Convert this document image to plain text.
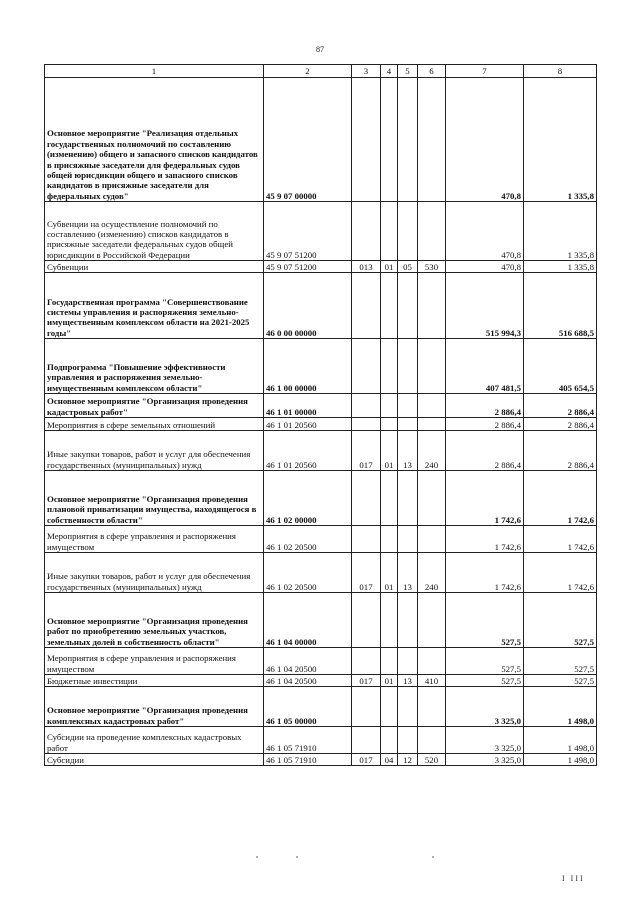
87
1	2	3	4	5	6	7	8
Основное мероприятие "Реализация отдельных государственных полномочий по составлению (изменению) общего и запасного списков кандидатов в присяжные заседатели для федеральных судов общей юрисдикции общего и запасного списков кандидатов в присяжные заседатели для федеральных судов"	45 9 07 00000					470,8	1 335,8
Субвенции на осуществление полномочий по составлению (изменению) списков кандидатов в присяжные заседатели федеральных судов общей юрисдикции в Российской Федерации	45 9 07 51200					470,8	1 335,8
Субвенции	45 9 07 51200	013	01	05	530	470,8	1 335,8
Государственная программа "Совершенствование системы управления и распоряжения земельно-имущественным комплексом области на 2021-2025 годы"	46 0 00 00000					515 994,3	516 688,5
Подпрограмма "Повышение эффективности управления и распоряжения земельно-имущественным комплексом области"	46 1 00 00000					407 481,5	405 654,5
Основное мероприятие "Организация проведения кадастровых работ"	46 1 01 00000					2 886,4	2 886,4
Мероприятия в сфере земельных отношений	46 1 01 20560					2 886,4	2 886,4
Иные закупки товаров, работ и услуг для обеспечения государственных (муниципальных) нужд	46 1 01 20560	017	01	13	240	2 886,4	2 886,4
Основное мероприятие "Организация проведения плановой приватизации имущества, находящегося в собственности области"	46 1 02 00000					1 742,6	1 742,6
Мероприятия в сфере управления и распоряжения имуществом	46 1 02 20500					1 742,6	1 742,6
Иные закупки товаров, работ и услуг для обеспечения государственных (муниципальных) нужд	46 1 02 20500	017	01	13	240	1 742,6	1 742,6
Основное мероприятие "Организация проведения работ по приобретению земельных участков, земельных долей в собственность области"	46 1 04 00000					527,5	527,5
Мероприятия в сфере управления и распоряжения имуществом	46 1 04 20500					527,5	527,5
Бюджетные инвестиции	46 1 04 20500	017	01	13	410	527,5	527,5
Основное мероприятие "Организация проведения комплексных кадастровых работ"	46 1 05 00000					3 325,0	1 498,0
Субсидии на проведение комплексных кадастровых работ	46 1 05 71910					3 325,0	1 498,0
Субсидии	46 1 05 71910	017	04	12	520	3 325,0	1 498,0
I III
